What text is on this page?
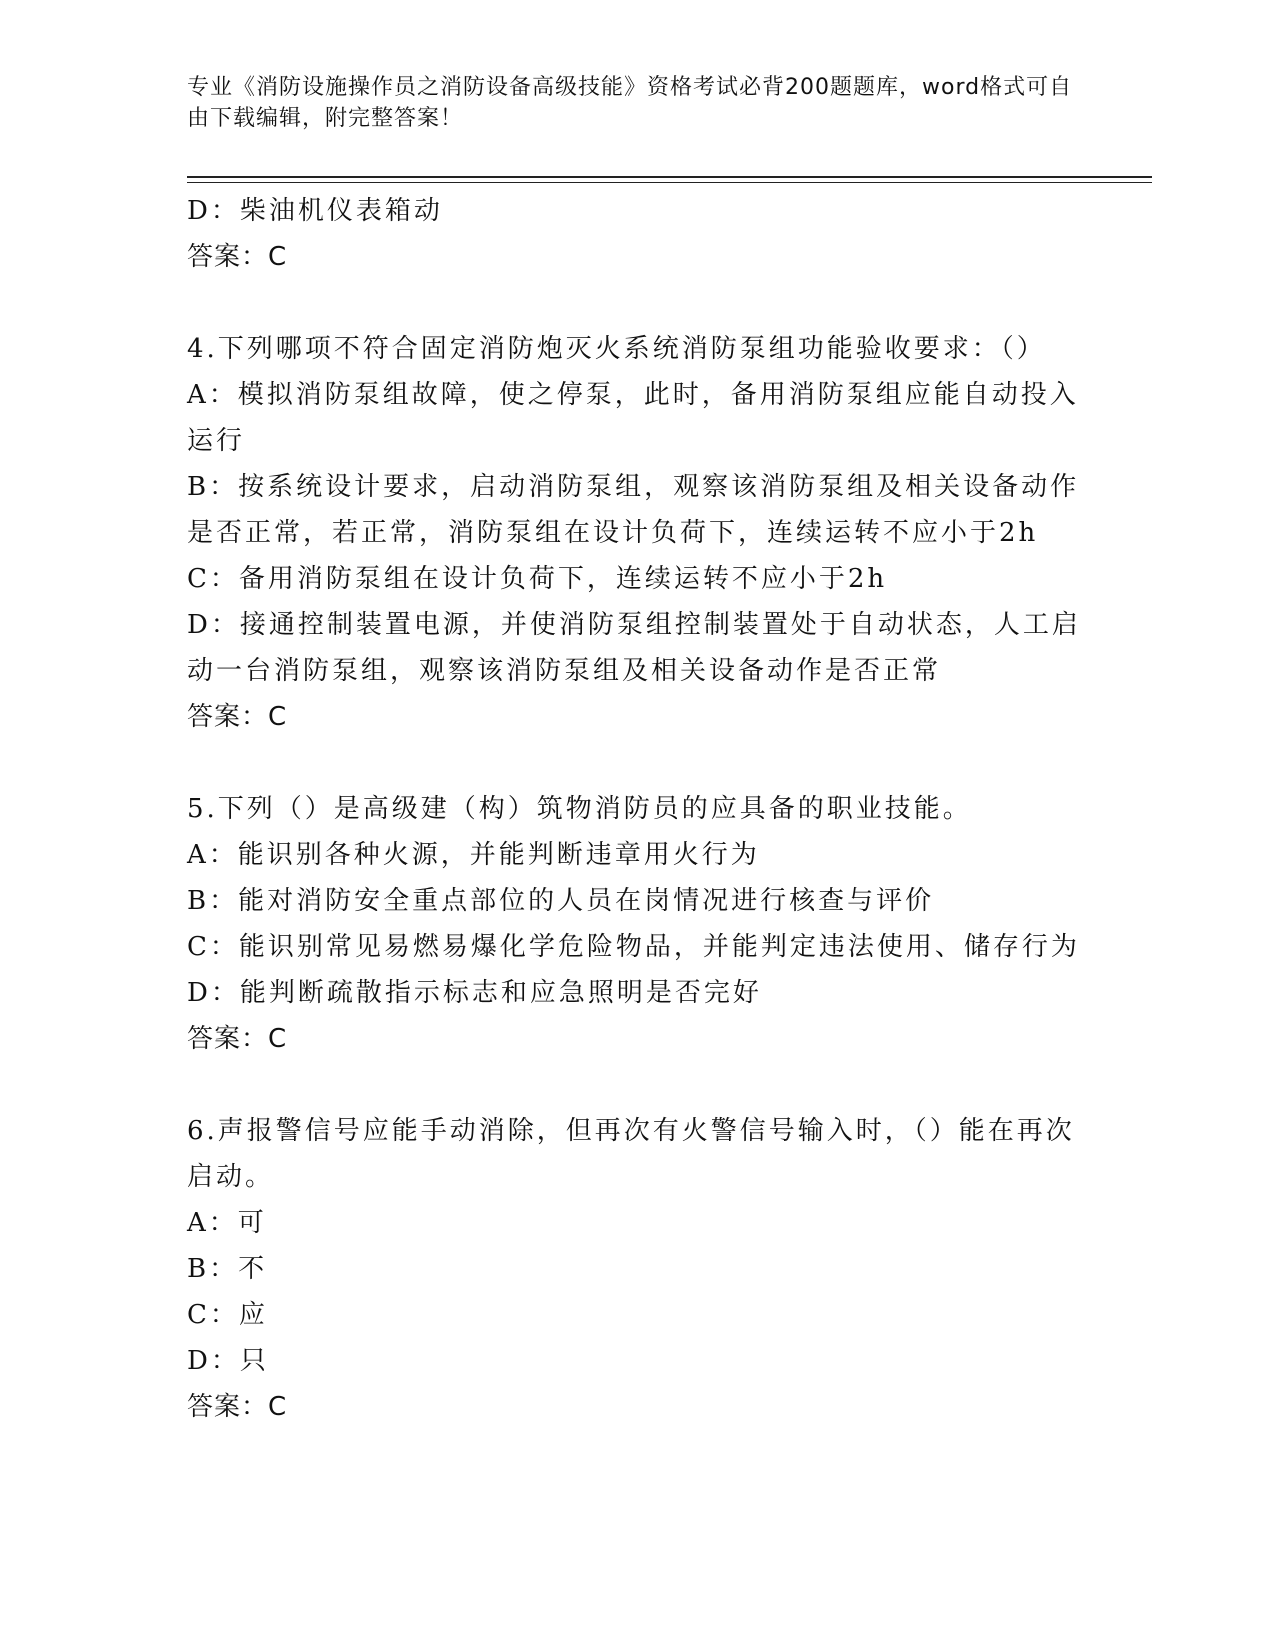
专业《消防设施操作员之消防设备高级技能》资格考试必背200题题库，word格式可自由下载编辑，附完整答案！

D：柴油机仪表箱动

答案：C

4.下列哪项不符合固定消防炮灭火系统消防泵组功能验收要求：（）

A：模拟消防泵组故障，使之停泵，此时，备用消防泵组应能自动投入运行

B：按系统设计要求，启动消防泵组，观察该消防泵组及相关设备动作是否正常，若正常，消防泵组在设计负荷下，连续运转不应小于2h

C：备用消防泵组在设计负荷下，连续运转不应小于2h

D：接通控制装置电源，并使消防泵组控制装置处于自动状态，人工启动一台消防泵组，观察该消防泵组及相关设备动作是否正常

答案：C

5.下列（）是高级建（构）筑物消防员的应具备的职业技能。

A：能识别各种火源，并能判断违章用火行为

B：能对消防安全重点部位的人员在岗情况进行核查与评价

C：能识别常见易燃易爆化学危险物品，并能判定违法使用、储存行为

D：能判断疏散指示标志和应急照明是否完好

答案：C

6.声报警信号应能手动消除，但再次有火警信号输入时，（）能在再次启动。

A：可

B：不

C：应

D：只

答案：C
